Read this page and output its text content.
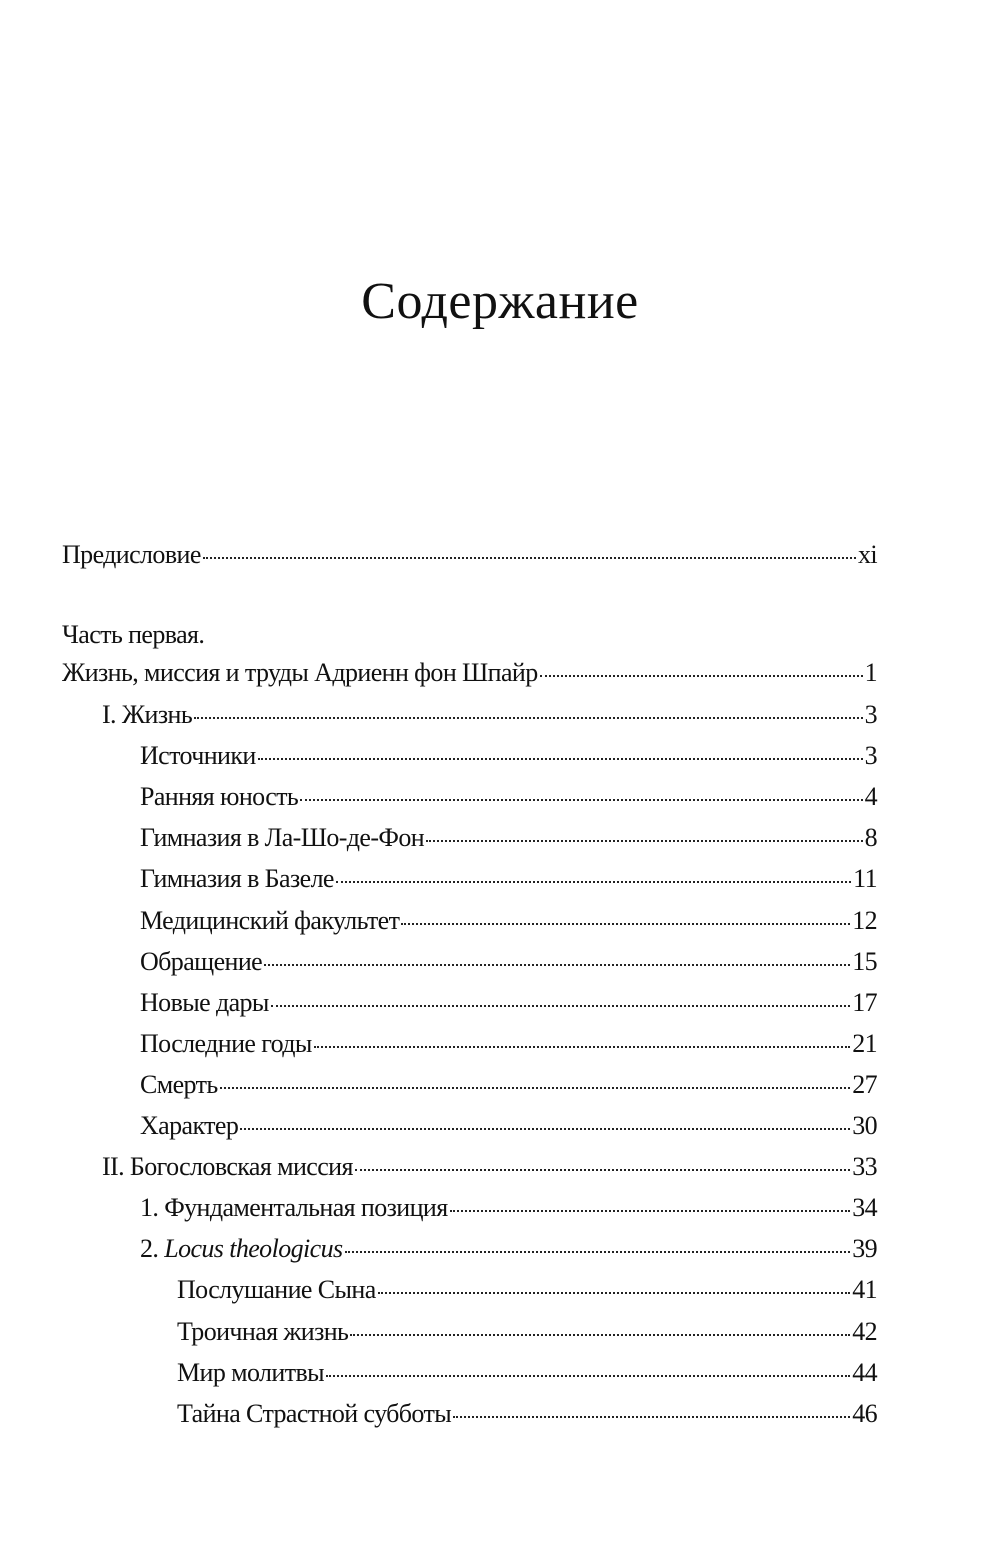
Содержание
Предисловие	xi
Часть первая.
Жизнь, миссия и труды Адриенн фон Шпайр	1
I. Жизнь	3
Источники	3
Ранняя юность	4
Гимназия в Ла-Шо-де-Фон	8
Гимназия в Базеле	11
Медицинский факультет	12
Обращение	15
Новые дары	17
Последние годы	21
Смерть	27
Характер	30
II. Богословская миссия	33
1. Фундаментальная позиция	34
2. Locus theologicus	39
Послушание Сына	41
Троичная жизнь	42
Мир молитвы	44
Тайна Страстной субботы	46
